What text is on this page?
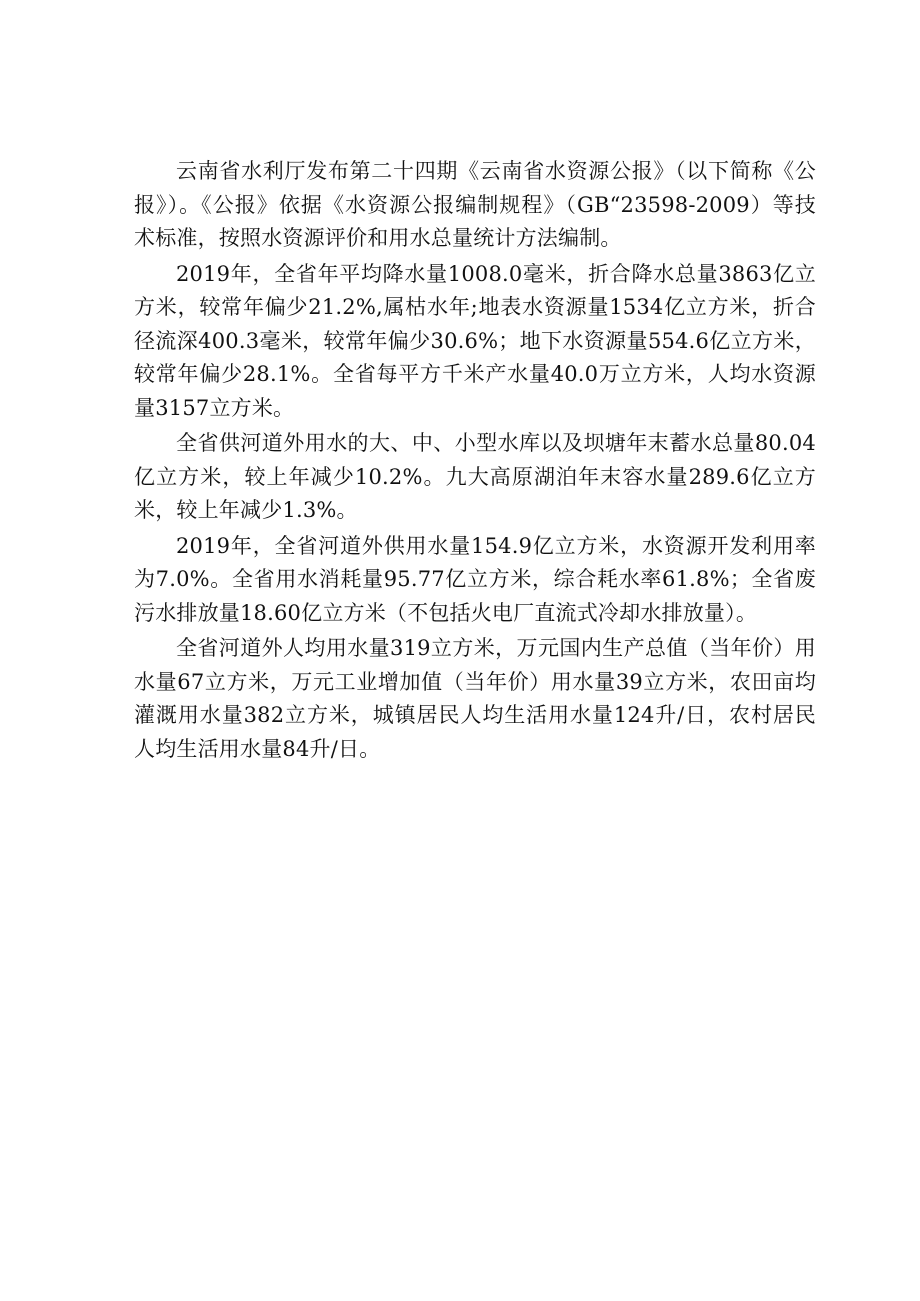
云南省水利厅发布第二十四期《云南省水资源公报》（以下简称《公报》）。《公报》依据《水资源公报编制规程》（GB“23598-2009）等技术标准，按照水资源评价和用水总量统计方法编制。

2019年，全省年平均降水量1008.0毫米，折合降水总量3863亿立方米，较常年偏少21.2%,属枯水年;地表水资源量1534亿立方米，折合径流深400.3毫米，较常年偏少30.6%；地下水资源量554.6亿立方米，较常年偏少28.1%。全省每平方千米产水量40.0万立方米，人均水资源量3157立方米。

全省供河道外用水的大、中、小型水库以及坝塘年末蓄水总量80.04亿立方米，较上年减少10.2%。九大高原湖泊年末容水量289.6亿立方米，较上年减少1.3%。

2019年，全省河道外供用水量154.9亿立方米，水资源开发利用率为7.0%。全省用水消耗量95.77亿立方米，综合耗水率61.8%；全省废污水排放量18.60亿立方米（不包括火电厂直流式冷却水排放量）。

全省河道外人均用水量319立方米，万元国内生产总值（当年价）用水量67立方米，万元工业增加值（当年价）用水量39立方米，农田亩均灌溉用水量382立方米，城镇居民人均生活用水量124升/日，农村居民人均生活用水量84升/日。
